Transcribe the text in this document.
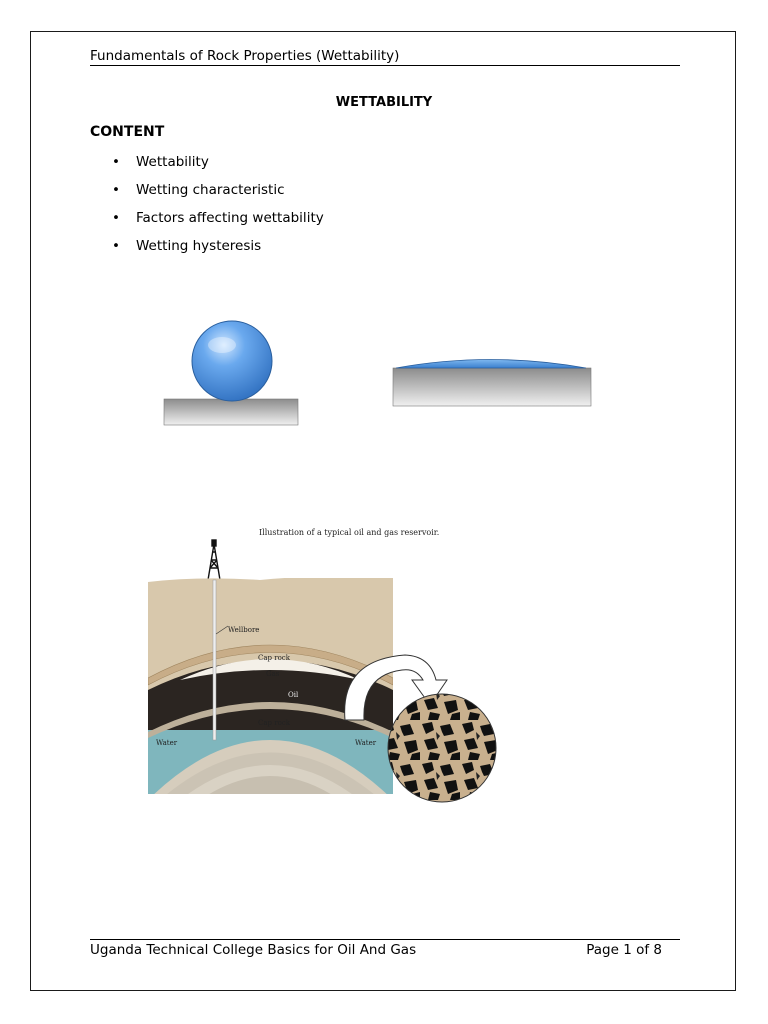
Fundamentals of Rock Properties (Wettability)
WETTABILITY
CONTENT
•	Wettability
•	Wetting characteristic
•	Factors affecting wettability
•	Wetting hysteresis
Illustration of a typical oil and gas reservoir.
Wellbore
Cap rock
Gas
Oil
Cap rock
Water	Water
Uganda Technical College Basics for Oil And Gas	Page 1 of 8
